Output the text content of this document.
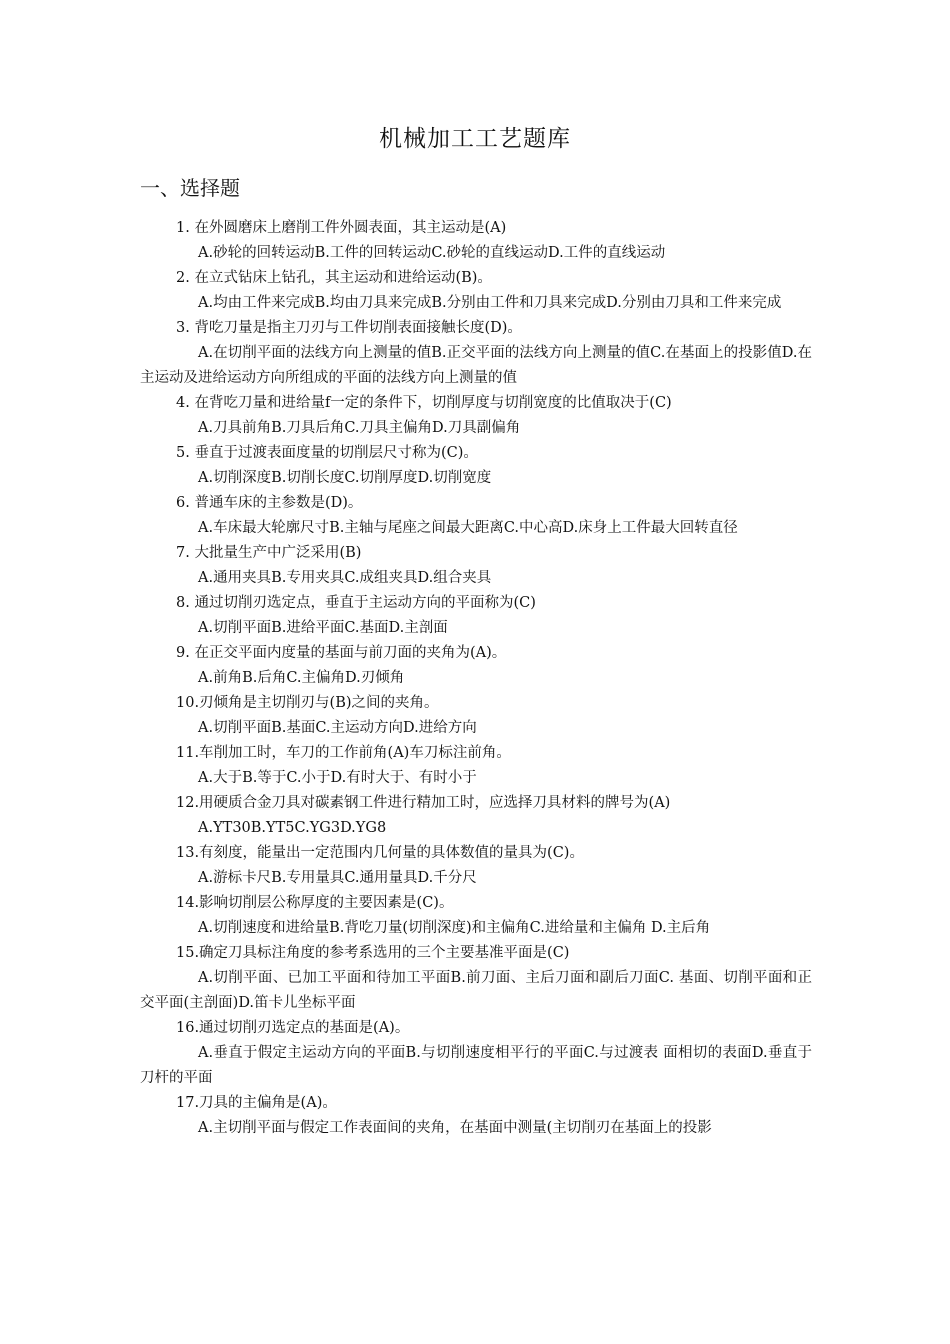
机械加工工艺题库
一、选择题
1. 在外圆磨床上磨削工件外圆表面，其主运动是(A)
A.砂轮的回转运动B.工件的回转运动C.砂轮的直线运动D.工件的直线运动
2. 在立式钻床上钻孔，其主运动和进给运动(B)。
A.均由工件来完成B.均由刀具来完成B.分别由工件和刀具来完成D.分别由刀具和工件来完成
3. 背吃刀量是指主刀刃与工件切削表面接触长度(D)。
A.在切削平面的法线方向上测量的值B.正交平面的法线方向上测量的值C.在基面上的投影值D.在主运动及进给运动方向所组成的平面的法线方向上测量的值
4. 在背吃刀量和进给量f一定的条件下，切削厚度与切削宽度的比值取决于(C)
A.刀具前角B.刀具后角C.刀具主偏角D.刀具副偏角
5. 垂直于过渡表面度量的切削层尺寸称为(C)。
A.切削深度B.切削长度C.切削厚度D.切削宽度
6. 普通车床的主参数是(D)。
A.车床最大轮廓尺寸B.主轴与尾座之间最大距离C.中心高D.床身上工件最大回转直径
7. 大批量生产中广泛采用(B)
A.通用夹具B.专用夹具C.成组夹具D.组合夹具
8. 通过切削刃选定点，垂直于主运动方向的平面称为(C)
A.切削平面B.进给平面C.基面D.主剖面
9. 在正交平面内度量的基面与前刀面的夹角为(A)。
A.前角B.后角C.主偏角D.刃倾角
10.刃倾角是主切削刃与(B)之间的夹角。
A.切削平面B.基面C.主运动方向D.进给方向
11.车削加工时，车刀的工作前角(A)车刀标注前角。
A.大于B.等于C.小于D.有时大于、有时小于
12.用硬质合金刀具对碳素钢工件进行精加工时，应选择刀具材料的牌号为(A)
A.YT30B.YT5C.YG3D.YG8
13.有刻度，能量出一定范围内几何量的具体数值的量具为(C)。
A.游标卡尺B.专用量具C.通用量具D.千分尺
14.影响切削层公称厚度的主要因素是(C)。
A.切削速度和进给量B.背吃刀量(切削深度)和主偏角C.进给量和主偏角 D.主后角
15.确定刀具标注角度的参考系选用的三个主要基准平面是(C)
A.切削平面、已加工平面和待加工平面B.前刀面、主后刀面和副后刀面C. 基面、切削平面和正交平面(主剖面)D.笛卡儿坐标平面
16.通过切削刃选定点的基面是(A)。
A.垂直于假定主运动方向的平面B.与切削速度相平行的平面C.与过渡表 面相切的表面D.垂直于刀杆的平面
17.刀具的主偏角是(A)。
A.主切削平面与假定工作表面间的夹角，在基面中测量(主切削刃在基面上的投影
